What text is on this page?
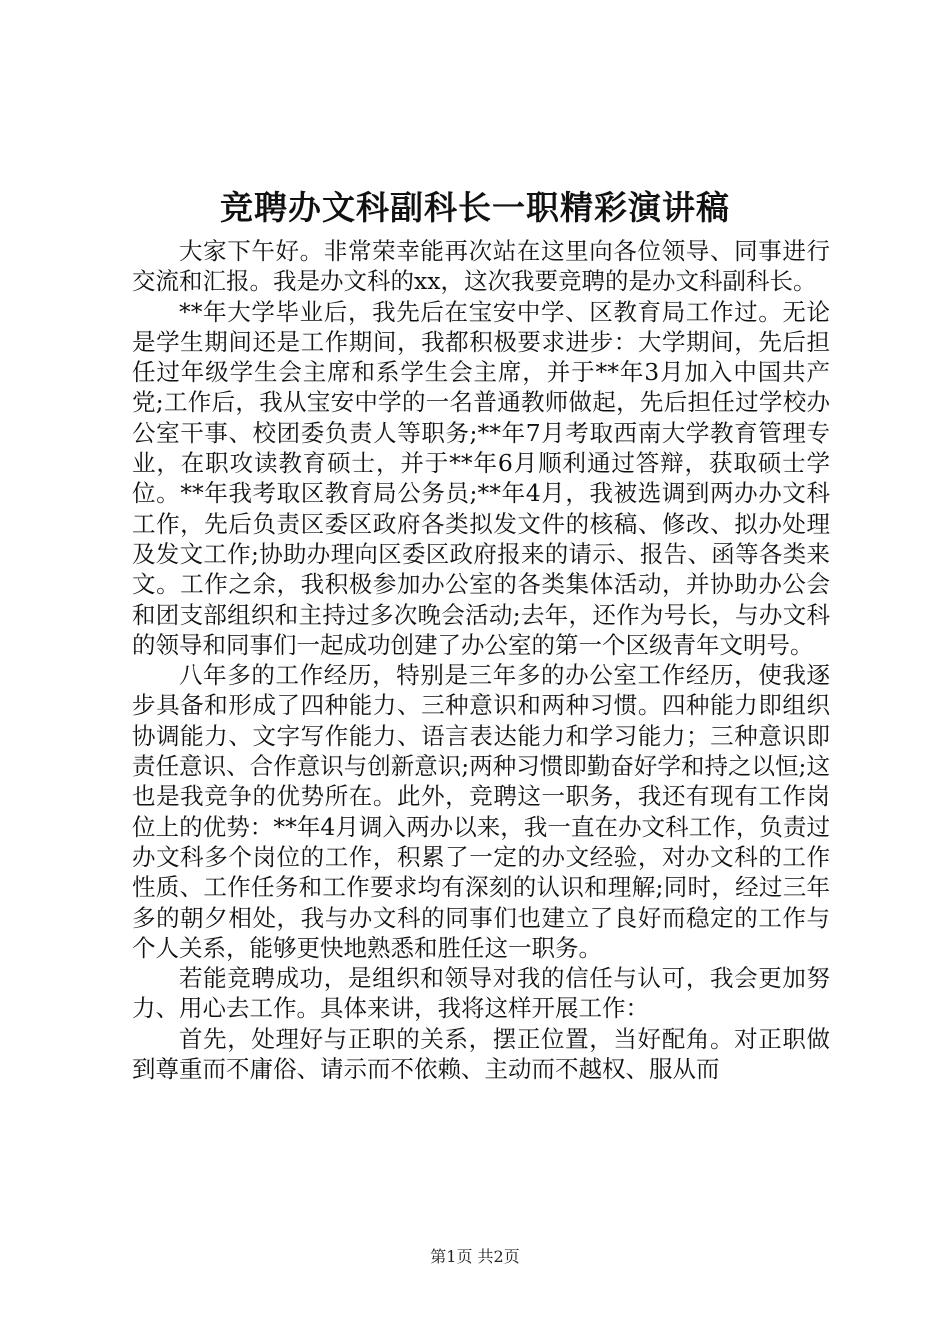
竞聘办文科副科长一职精彩演讲稿

大家下午好。非常荣幸能再次站在这里向各位领导、同事进行交流和汇报。我是办文科的xx，这次我要竞聘的是办文科副科长。

**年大学毕业后，我先后在宝安中学、区教育局工作过。无论是学生期间还是工作期间，我都积极要求进步：大学期间，先后担任过年级学生会主席和系学生会主席，并于**年3月加入中国共产党;工作后，我从宝安中学的一名普通教师做起，先后担任过学校办公室干事、校团委负责人等职务;**年7月考取西南大学教育管理专业，在职攻读教育硕士，并于**年6月顺利通过答辩，获取硕士学位。**年我考取区教育局公务员;**年4月，我被选调到两办办文科工作，先后负责区委区政府各类拟发文件的核稿、修改、拟办处理及发文工作;协助办理向区委区政府报来的请示、报告、函等各类来文。工作之余，我积极参加办公室的各类集体活动，并协助办公会和团支部组织和主持过多次晚会活动;去年，还作为号长，与办文科的领导和同事们一起成功创建了办公室的第一个区级青年文明号。

八年多的工作经历，特别是三年多的办公室工作经历，使我逐步具备和形成了四种能力、三种意识和两种习惯。四种能力即组织协调能力、文字写作能力、语言表达能力和学习能力；三种意识即责任意识、合作意识与创新意识;两种习惯即勤奋好学和持之以恒;这也是我竞争的优势所在。此外，竞聘这一职务，我还有现有工作岗位上的优势：**年4月调入两办以来，我一直在办文科工作，负责过办文科多个岗位的工作，积累了一定的办文经验，对办文科的工作性质、工作任务和工作要求均有深刻的认识和理解;同时，经过三年多的朝夕相处，我与办文科的同事们也建立了良好而稳定的工作与个人关系，能够更快地熟悉和胜任这一职务。

若能竞聘成功，是组织和领导对我的信任与认可，我会更加努力、用心去工作。具体来讲，我将这样开展工作：

首先，处理好与正职的关系，摆正位置，当好配角。对正职做到尊重而不庸俗、请示而不依赖、主动而不越权、服从而

第1页 共2页
